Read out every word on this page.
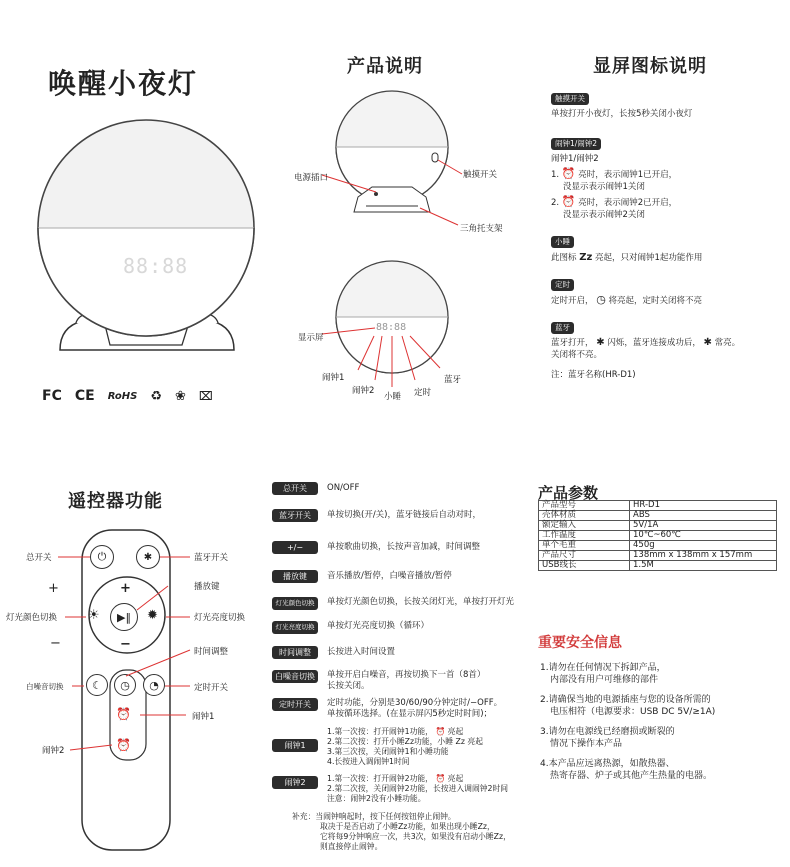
唤醒小夜灯
88:88
FC CE RoHS ♻ ❀ ⌧
产品说明
88:88
电源插口	触摸开关
三角托支架
显示屏
闹钟1
闹钟2
小睡 定时
蓝牙
显屏图标说明
触摸开关
单按打开小夜灯，长按5秒关闭小夜灯
闹钟1/闹钟2
闹钟1/闹钟2
1. ⏰ 亮时，表示闹钟1已开启，
没显示表示闹钟1关闭
2. ⏰ 亮时，表示闹钟2已开启，
没显示表示闹钟2关闭
小睡
此图标 Zz 亮起，只对闹钟1起功能作用
定时
定时开启， ◷ 将亮起，定时关闭将不亮
蓝牙
蓝牙打开， ✱ 闪烁，蓝牙连接成功后， ✱ 常亮。
关闭将不亮。
注：蓝牙名称(HR-D1)
遥控器功能
⏻	✱
+
−
▶‖
☀	✹
☾ ◷ ◔
⏰
⏰
总开关	蓝牙开关
播放键
+
−
灯光颜色切换	灯光亮度切换
时间调整
白噪音切换	定时开关
闹钟1
闹钟2
总开关	ON/OFF
蓝牙开关	单按切换(开/关)，蓝牙链接后自动对时，
+/−	单按歌曲切换，长按声音加减，时间调整
播放键	音乐播放/暂停，白噪音播放/暂停
灯光颜色切换	单按灯光颜色切换，长按关闭灯光，单按打开灯光
灯光亮度切换	单按灯光亮度切换（循环）
时间调整	长按进入时间设置
白噪音切换	单按开启白噪音，再按切换下一首（8首）
长按关闭。
定时开关	定时功能，分别是30/60/90分钟定时/−OFF。
单按循环选择。(在显示屏闪5秒定时时间)；
闹钟1
1.第一次按：打开闹钟1功能， ⏰ 亮起
2.第二次按：打开小睡Zz功能，小睡 Zz 亮起
3.第三次按，关闭闹钟1和小睡功能
4.长按进入调闹钟1时间
闹钟2	1.第一次按：打开闹钟2功能， ⏰ 亮起
2.第二次按，关闭闹钟2功能，长按进入调闹钟2时间
注意：闹钟2没有小睡功能。
补充：当闹钟响起时，按下任何按钮停止闹钟。
取决于是否启动了小睡Zz功能，如果出现小睡Zz，
它将每9分钟响应一次，共3次，如果没有启动小睡Zz，
则直接停止闹钟。
产品参数
产品型号	HR-D1
壳体材质	ABS
额定输入	5V/1A
工作温度	10℃~60℃
单个毛重	450g
产品尺寸	138mm x 138mm x 157mm
USB线长	1.5M
重要安全信息
1.请勿在任何情况下拆卸产品，
内部没有用户可维修的部件
2.请确保当地的电源插座与您的设备所需的
电压相符（电源要求：USB DC 5V/≥1A)
3.请勿在电源线已经磨损或断裂的
情况下操作本产品
4.本产品应远离热源，如散热器、
热寄存器、炉子或其他产生热量的电器。
